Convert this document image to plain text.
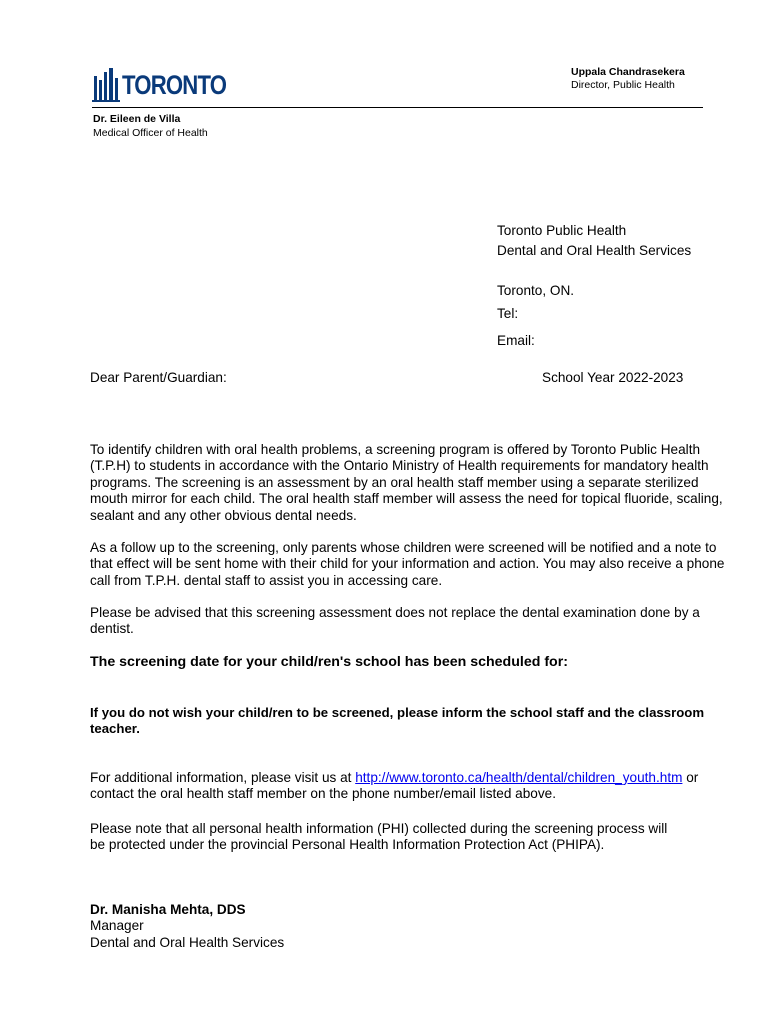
TORONTO	Uppala Chandrasekera
Director, Public Health
Dr. Eileen de Villa
Medical Officer of Health
Toronto Public Health
Dental and Oral Health Services
Toronto, ON.
Tel:
Email:
Dear Parent/Guardian:	School Year 2022-2023
To identify children with oral health problems, a screening program is offered by Toronto Public Health (T.P.H) to students in accordance with the Ontario Ministry of Health requirements for mandatory health programs. The screening is an assessment by an oral health staff member using a separate sterilized mouth mirror for each child. The oral health staff member will assess the need for topical fluoride, scaling, sealant and any other obvious dental needs.
As a follow up to the screening, only parents whose children were screened will be notified and a note to that effect will be sent home with their child for your information and action. You may also receive a phone call from T.P.H. dental staff to assist you in accessing care.
Please be advised that this screening assessment does not replace the dental examination done by a dentist.
The screening date for your child/ren's school has been scheduled for:
If you do not wish your child/ren to be screened, please inform the school staff and the classroom teacher.
For additional information, please visit us at http://www.toronto.ca/health/dental/children_youth.htm or contact the oral health staff member on the phone number/email listed above.
Please note that all personal health information (PHI) collected during the screening process will be protected under the provincial Personal Health Information Protection Act (PHIPA).
Dr. Manisha Mehta, DDS
Manager
Dental and Oral Health Services
